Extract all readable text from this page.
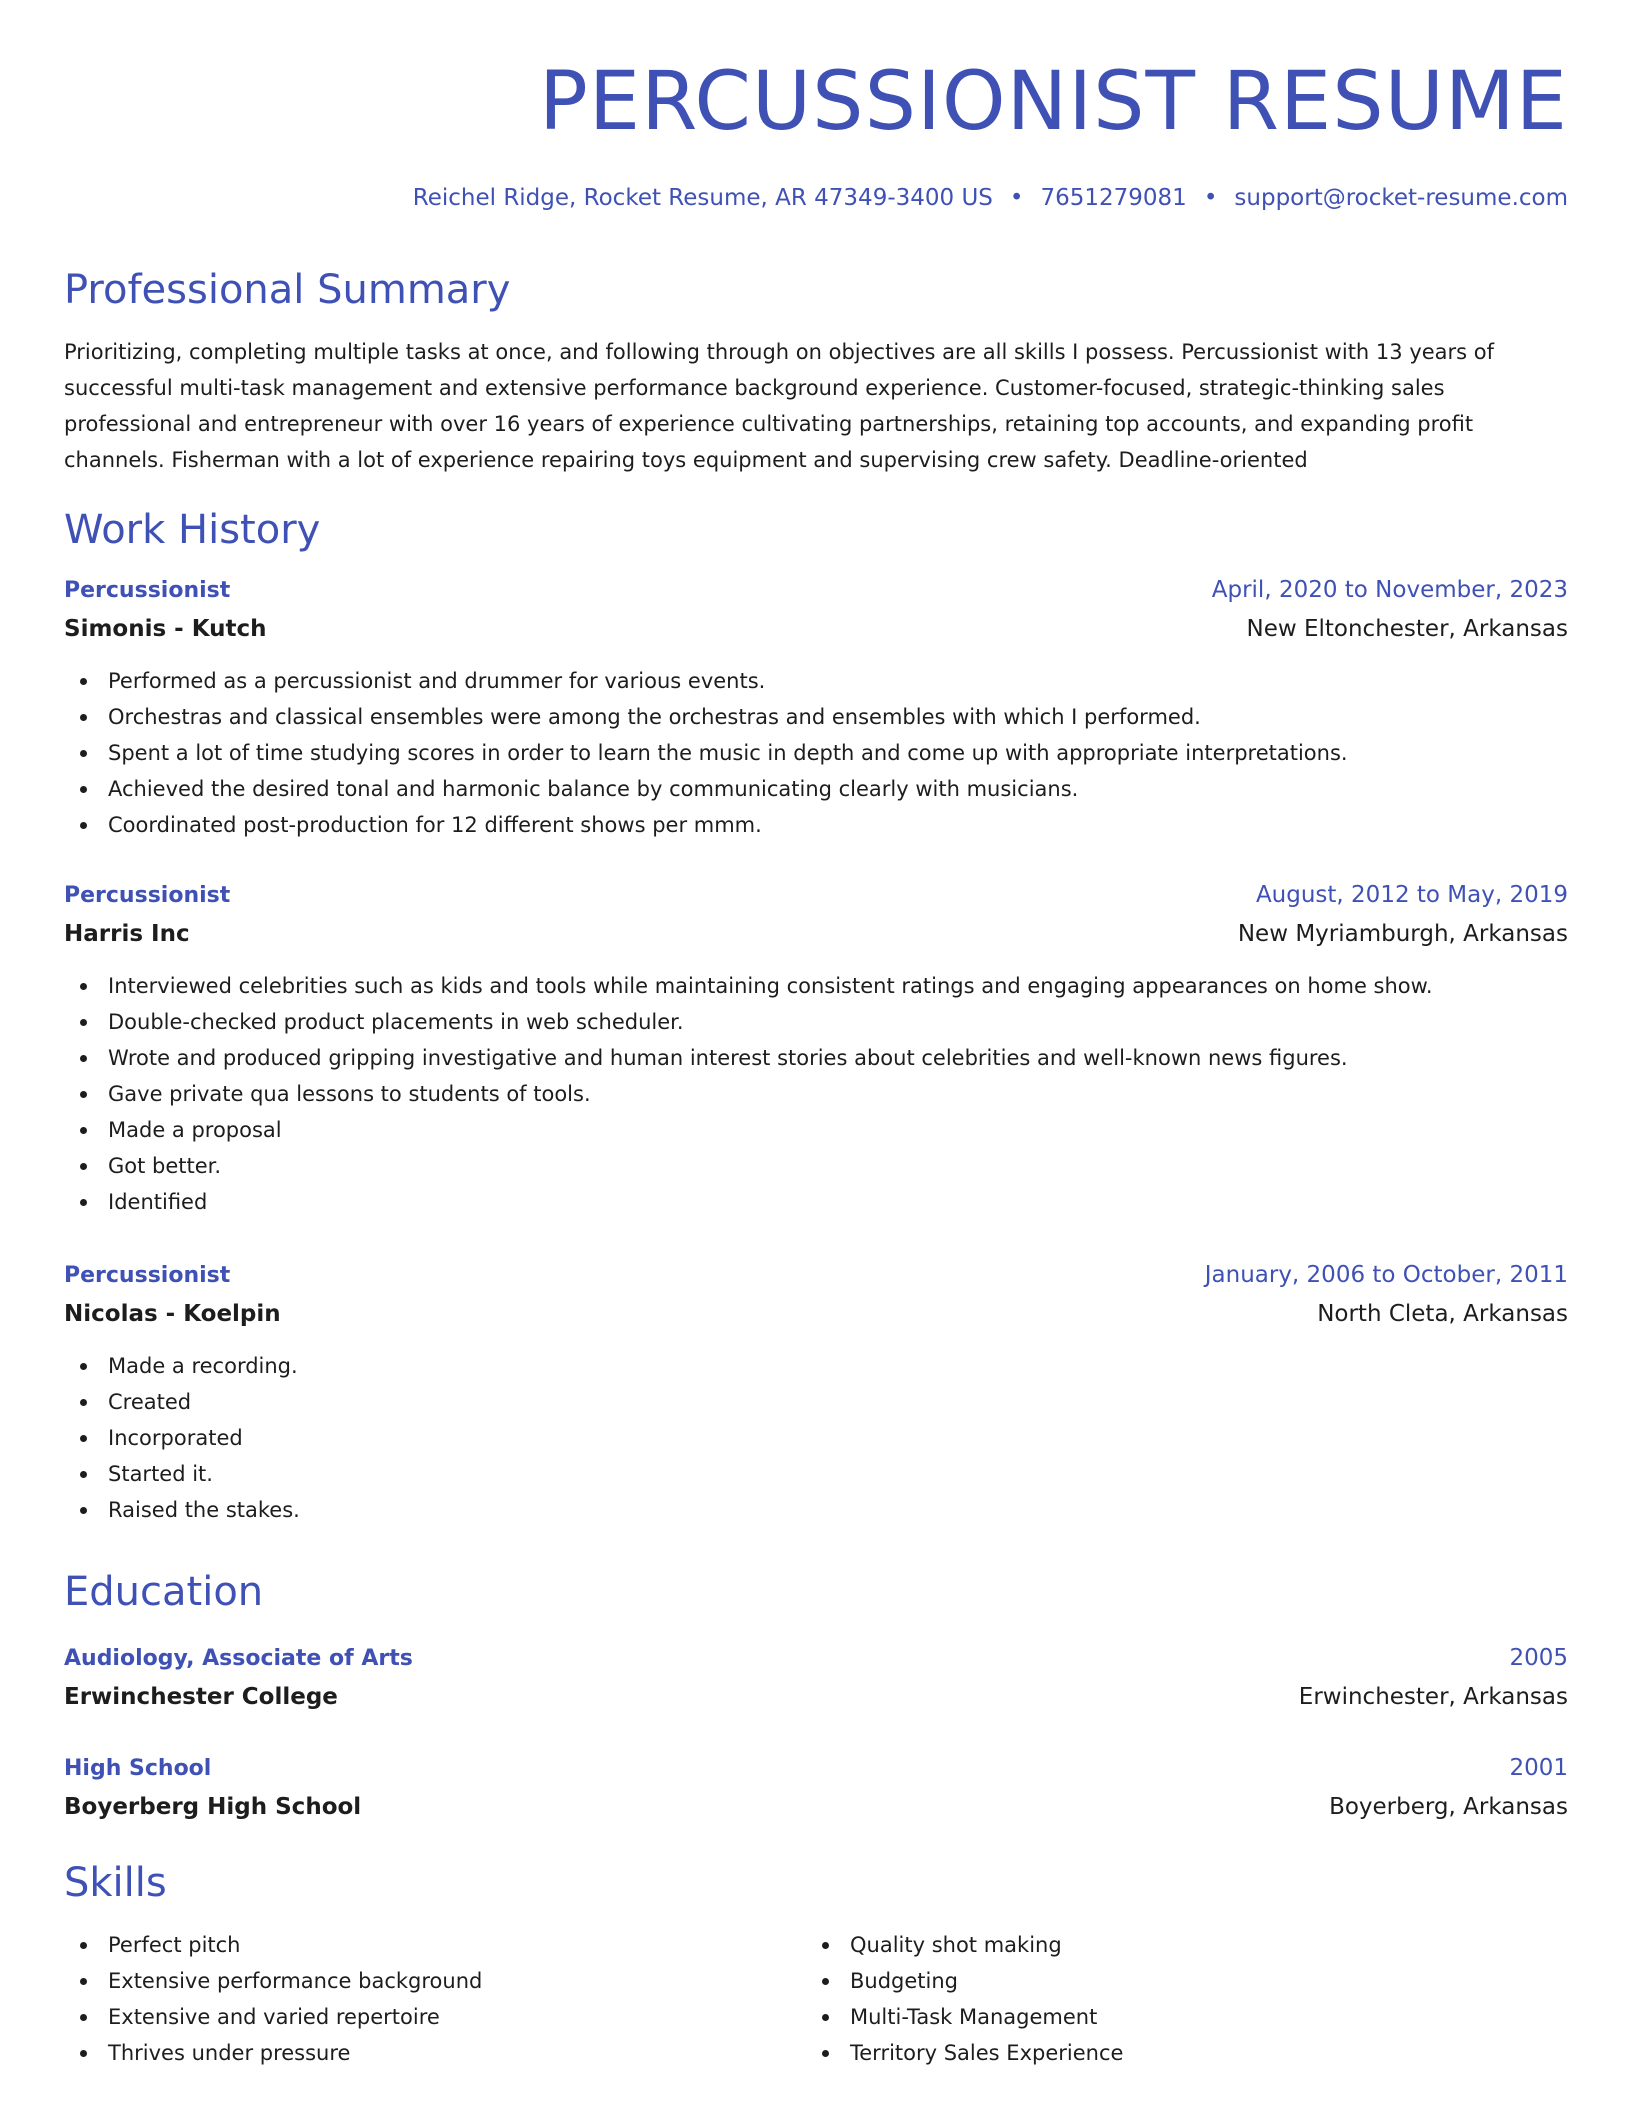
PERCUSSIONIST RESUME
Reichel Ridge, Rocket Resume, AR 47349-3400 US • 7651279081 • support@rocket-resume.com
Professional Summary

Prioritizing, completing multiple tasks at once, and following through on objectives are all skills I possess. Percussionist with 13 years of successful multi-task management and extensive performance background experience. Customer-focused, strategic-thinking sales professional and entrepreneur with over 16 years of experience cultivating partnerships, retaining top accounts, and expanding profit channels. Fisherman with a lot of experience repairing toys equipment and supervising crew safety. Deadline-oriented

Work History
Percussionist	April, 2020 to November, 2023
Simonis - Kutch	New Eltonchester, Arkansas
Performed as a percussionist and drummer for various events.
Orchestras and classical ensembles were among the orchestras and ensembles with which I performed.
Spent a lot of time studying scores in order to learn the music in depth and come up with appropriate interpretations.
Achieved the desired tonal and harmonic balance by communicating clearly with musicians.
Coordinated post-production for 12 different shows per mmm.
Percussionist	August, 2012 to May, 2019
Harris Inc	New Myriamburgh, Arkansas
Interviewed celebrities such as kids and tools while maintaining consistent ratings and engaging appearances on home show.
Double-checked product placements in web scheduler.
Wrote and produced gripping investigative and human interest stories about celebrities and well-known news figures.
Gave private qua lessons to students of tools.
Made a proposal
Got better.
Identified
Percussionist	January, 2006 to October, 2011
Nicolas - Koelpin	North Cleta, Arkansas
Made a recording.
Created
Incorporated
Started it.
Raised the stakes.
Education
Audiology, Associate of Arts	2005
Erwinchester College	Erwinchester, Arkansas
High School	2001
Boyerberg High School	Boyerberg, Arkansas
Skills
Perfect pitch
Extensive performance background
Extensive and varied repertoire
Thrives under pressure
Quality shot making
Budgeting
Multi-Task Management
Territory Sales Experience
